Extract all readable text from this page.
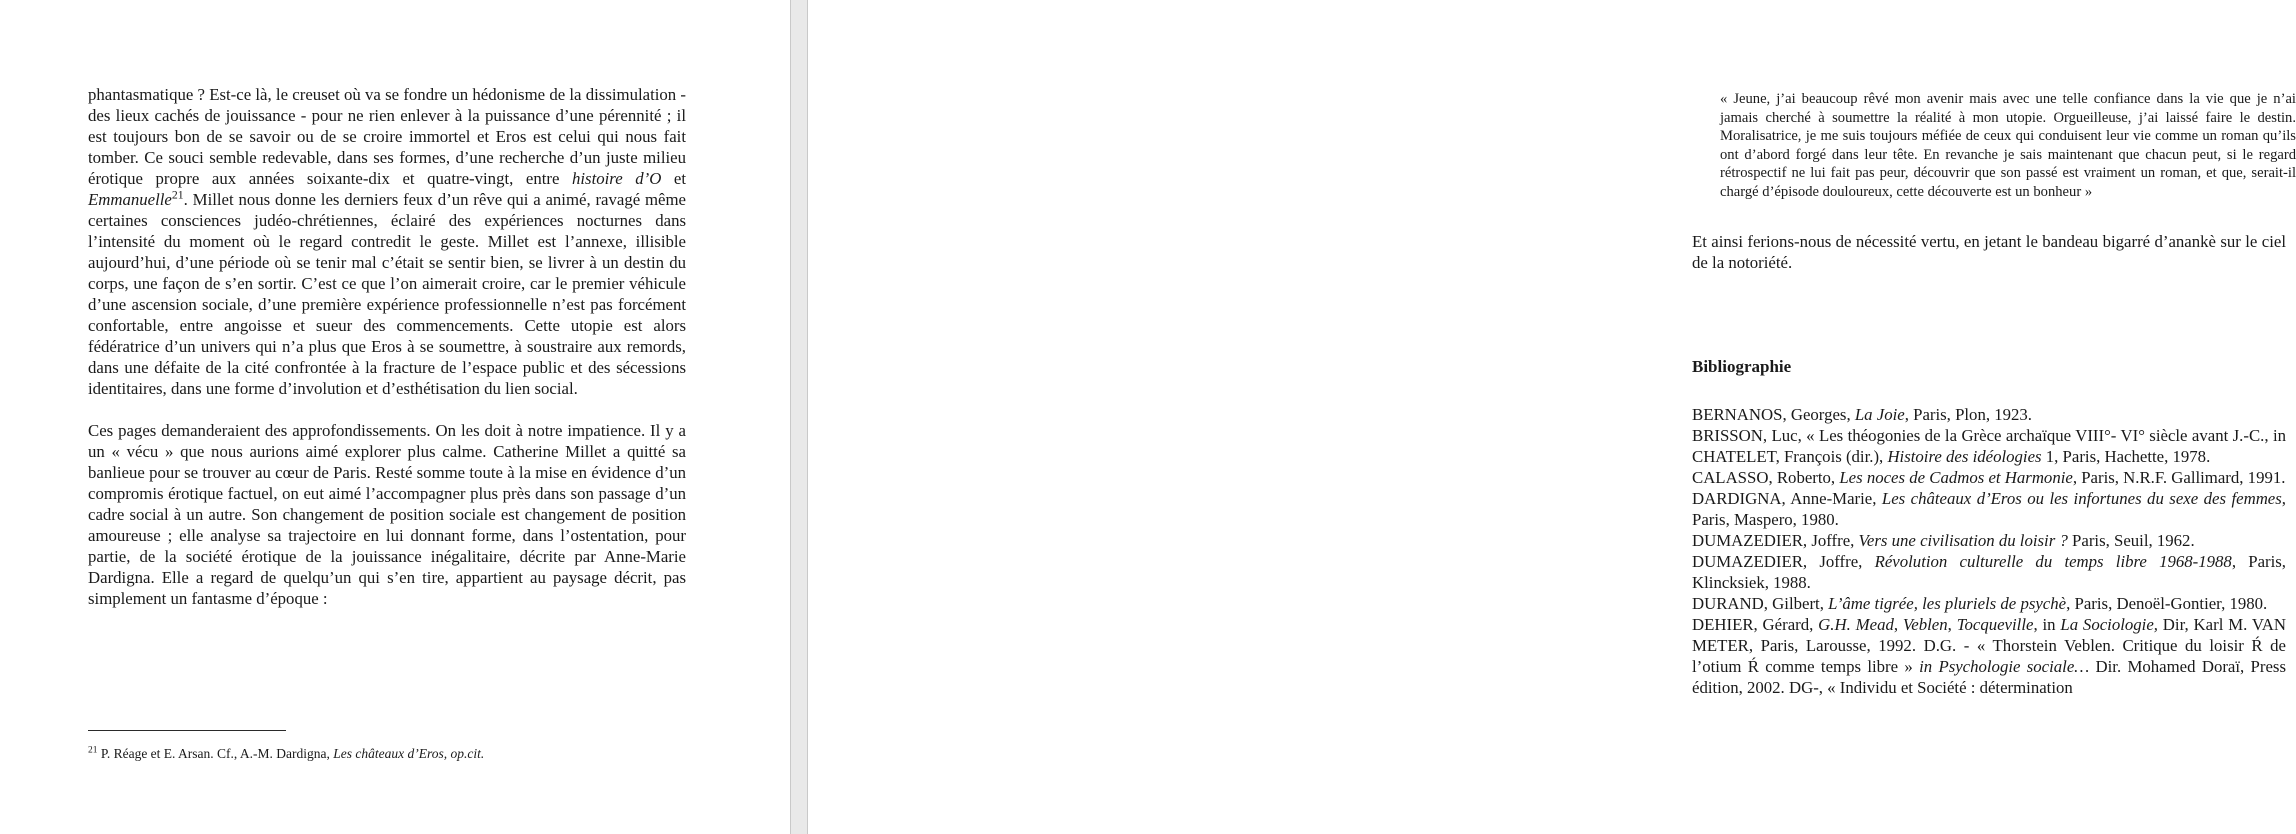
phantasmatique ? Est-ce là, le creuset où va se fondre un hédonisme de la dissimulation - des lieux cachés de jouissance - pour ne rien enlever à la puissance d’une pérennité ; il est toujours bon de se savoir ou de se croire immortel et Eros est celui qui nous fait tomber. Ce souci semble redevable, dans ses formes, d’une recherche d’un juste milieu érotique propre aux années soixante-dix et quatre-vingt, entre histoire d’O et Emmanuelle$^{21}$. Millet nous donne les derniers feux d’un rêve qui a animé, ravagé même certaines consciences judéo-chrétiennes, éclairé des expériences nocturnes dans l’intensité du moment où le regard contredit le geste. Millet est l’annexe, illisible aujourd’hui, d’une période où se tenir mal c’était se sentir bien, se livrer à un destin du corps, une façon de s’en sortir. C’est ce que l’on aimerait croire, car le premier véhicule d’une ascension sociale, d’une première expérience professionnelle n’est pas forcément confortable, entre angoisse et sueur des commencements. Cette utopie est alors fédératrice d’un univers qui n’a plus que Eros à se soumettre, à soustraire aux remords, dans une défaite de la cité confrontée à la fracture de l’espace public et des sécessions identitaires, dans une forme d’involution et d’esthétisation du lien social.

Ces pages demanderaient des approfondissements. On les doit à notre impatience. Il y a un « vécu » que nous aurions aimé explorer plus calme. Catherine Millet a quitté sa banlieue pour se trouver au cœur de Paris. Resté somme toute à la mise en évidence d’un compromis érotique factuel, on eut aimé l’accompagner plus près dans son passage d’un cadre social à un autre. Son changement de position sociale est changement de position amoureuse ; elle analyse sa trajectoire en lui donnant forme, dans l’ostentation, pour partie, de la société érotique de la jouissance inégalitaire, décrite par Anne-Marie Dardigna. Elle a regard de quelqu’un qui s’en tire, appartient au paysage décrit, pas simplement un fantasme d’époque :

$^{21}$ P. Réage et E. Arsan. Cf., A.-M. Dardigna, Les châteaux d’Eros, op.cit.

« Jeune, j’ai beaucoup rêvé mon avenir mais avec une telle confiance dans la vie que je n’ai jamais cherché à soumettre la réalité à mon utopie. Orgueilleuse, j’ai laissé faire le destin. Moralisatrice, je me suis toujours méfiée de ceux qui conduisent leur vie comme un roman qu’ils ont d’abord forgé dans leur tête. En revanche je sais maintenant que chacun peut, si le regard rétrospectif ne lui fait pas peur, découvrir que son passé est vraiment un roman, et que, serait-il chargé d’épisode douloureux, cette découverte est un bonheur »

Et ainsi ferions-nous de nécessité vertu, en jetant le bandeau bigarré d’anankè sur le ciel de la notoriété.

Bibliographie

BERNANOS, Georges, La Joie, Paris, Plon, 1923.

BRISSON, Luc, « Les théogonies de la Grèce archaïque VIII°- VI° siècle avant J.-C., in CHATELET, François (dir.), Histoire des idéologies 1, Paris, Hachette, 1978.

CALASSO, Roberto, Les noces de Cadmos et Harmonie, Paris, N.R.F. Gallimard, 1991.

DARDIGNA, Anne-Marie, Les châteaux d’Eros ou les infortunes du sexe des femmes, Paris, Maspero, 1980.

DUMAZEDIER, Joffre, Vers une civilisation du loisir ? Paris, Seuil, 1962.

DUMAZEDIER, Joffre, Révolution culturelle du temps libre 1968-1988, Paris, Klincksiek, 1988.

DURAND, Gilbert, L’âme tigrée, les pluriels de psychè, Paris, Denoël-Gontier, 1980.

DEHIER, Gérard, G.H. Mead, Veblen, Tocqueville, in La Sociologie, Dir, Karl M. VAN METER, Paris, Larousse, 1992. D.G. - « Thorstein Veblen. Critique du loisir Ŕ de l’otium Ŕ comme temps libre » in Psychologie sociale… Dir. Mohamed Doraï, Press édition, 2002. DG-, « Individu et Société : détermination
